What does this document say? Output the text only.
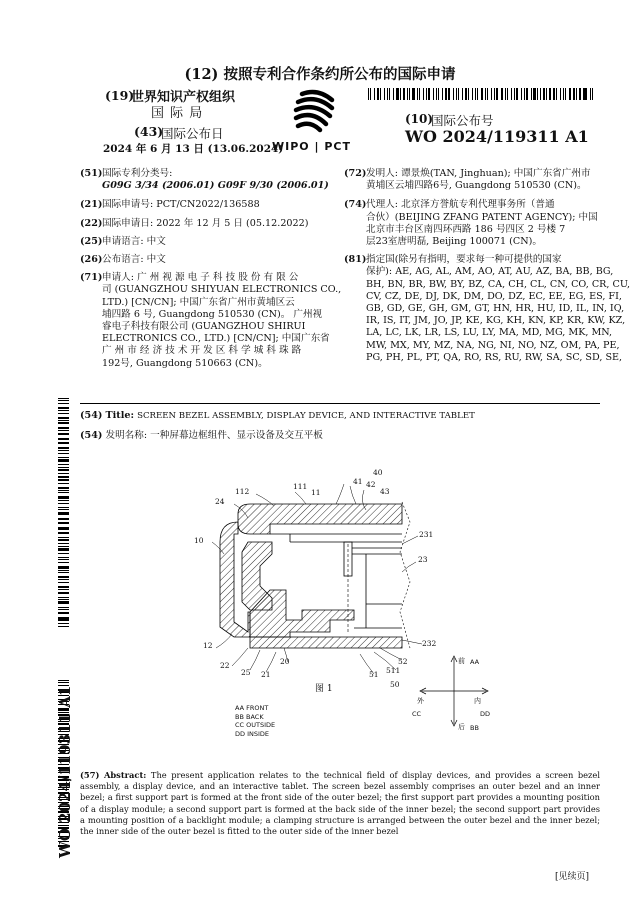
(12) 按照专利合作条约所公布的国际申请
(19)
世界知识产权组织
国 际 局
(43)
国际公布日
2024 年 6 月 13 日 (13.06.2024)
WIPO | PCT
(10)
国际公布号
WO 2024/119311 A1
(51) 国际专利分类号:
G09G 3/34 (2006.01) G09F 9/30 (2006.01)
(21) 国际申请号: PCT/CN2022/136588
(22) 国际申请日: 2022 年 12 月 5 日 (05.12.2022)
(25) 申请语言: 中文
(26) 公布语言: 中文
(71) 申请人: 广 州 视 源 电 子 科 技 股 份 有 限 公
司 (GUANGZHOU SHIYUAN ELECTRONICS CO.,
LTD.) [CN/CN]; 中国广东省广州市黄埔区云
埔四路 6 号, Guangdong 510530 (CN)。 广州视
睿电子科技有限公司 (GUANGZHOU SHIRUI
ELECTRONICS CO., LTD.) [CN/CN]; 中国广东省
广 州 市 经 济 技 术 开 发 区 科 学 城 科 珠 路
192号, Guangdong 510663 (CN)。
(72) 发明人: 谭景焕(TAN, Jinghuan); 中国广东省广州市
黄埔区云埔四路6号, Guangdong 510530 (CN)。
(74) 代理人: 北京泽方誉航专利代理事务所（普通
合伙）(BEIJING ZFANG PATENT AGENCY); 中国
北京市丰台区南四环西路 186 号四区 2 号楼 7
层23室唐明磊, Beijing 100071 (CN)。
(81) 指定国(除另有指明，要求每一种可提供的国家
保护): AE, AG, AL, AM, AO, AT, AU, AZ, BA, BB, BG,
BH, BN, BR, BW, BY, BZ, CA, CH, CL, CN, CO, CR, CU,
CV, CZ, DE, DJ, DK, DM, DO, DZ, EC, EE, EG, ES, FI,
GB, GD, GE, GH, GM, GT, HN, HR, HU, ID, IL, IN, IQ,
IR, IS, IT, JM, JO, JP, KE, KG, KH, KN, KP, KR, KW, KZ,
LA, LC, LK, LR, LS, LU, LY, MA, MD, MG, MK, MN,
MW, MX, MY, MZ, NA, NG, NI, NO, NZ, OM, PA, PE,
PG, PH, PL, PT, QA, RO, RS, RU, RW, SA, SC, SD, SE,
WO 2024/119311 A1
(54) Title: SCREEN BEZEL ASSEMBLY, DISPLAY DEVICE, AND INTERACTIVE TABLET
(54) 发明名称: 一种屏幕边框组件、显示设备及交互平板
40
41 42
43
111
11
112
24
10
231
23
12
22
25 21
20
232
52
511
51
50
前 AA
外	内
CC	DD
后 BB
图 1
AA FRONT
BB BACK
CC OUTSIDE
DD INSIDE
(57) Abstract: The present application relates to the technical field of display devices, and provides a screen bezel assembly, a display device, and an interactive tablet. The screen bezel assembly comprises an outer bezel and an inner bezel; a first support part is formed at the front side of the outer bezel; the first support part provides a mounting position of a display module; a second support part is formed at the back side of the inner bezel; the second support part provides a mounting position of a backlight module; a clamping structure is arranged between the outer bezel and the inner bezel; the inner side of the outer bezel is fitted to the outer side of the inner bezel
[见续页]
